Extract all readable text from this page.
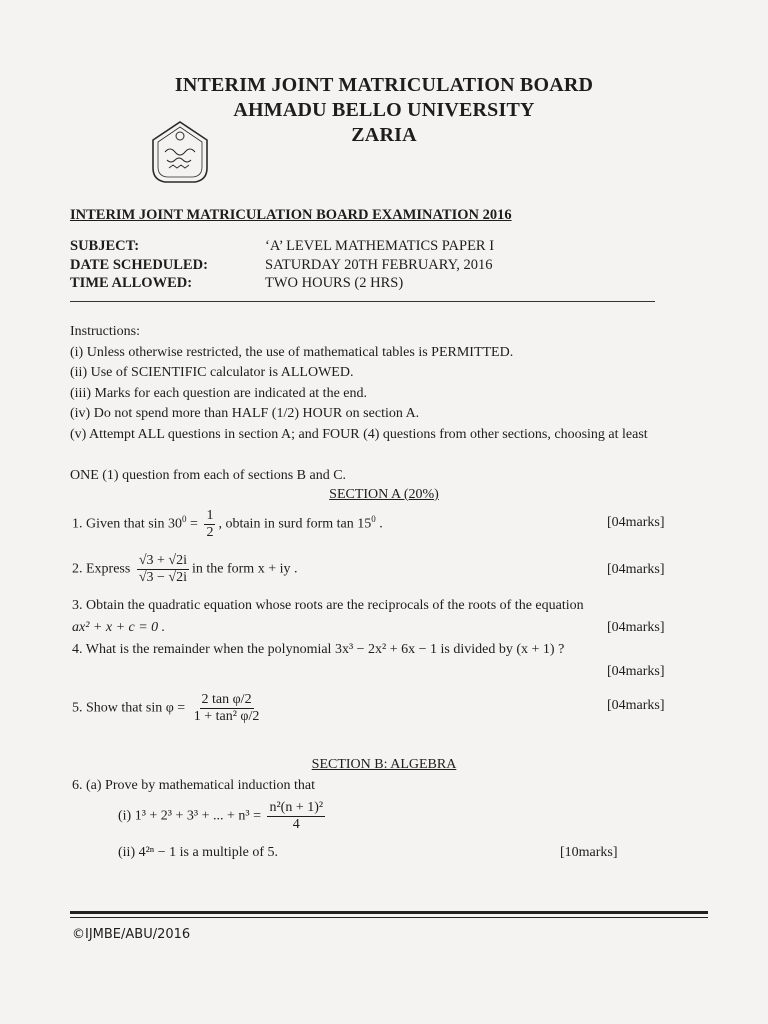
INTERIM JOINT MATRICULATION BOARD
AHMADU BELLO UNIVERSITY
ZARIA
INTERIM JOINT MATRICULATION BOARD EXAMINATION 2016
SUBJECT:	‘A’ LEVEL MATHEMATICS PAPER I
DATE SCHEDULED:	SATURDAY 20TH FEBRUARY, 2016
TIME ALLOWED:	TWO HOURS (2 HRS)
Instructions:
(i) Unless otherwise restricted, the use of mathematical tables is PERMITTED.
(ii) Use of SCIENTIFIC calculator is ALLOWED.
(iii) Marks for each question are indicated at the end.
(iv) Do not spend more than HALF (1/2) HOUR on section A.
(v) Attempt ALL questions in section A; and FOUR (4) questions from other sections, choosing at least
ONE (1) question from each of sections B and C.
SECTION A (20%)
1. Given that $\sin 30^0 = \frac{1}{2}$ , obtain in surd form $\tan 15^0$ .	[04marks]
2. Express $\frac{√3 + √2i}{√3 - √2i}$ in the form x + iy .	[04marks]
3. Obtain the quadratic equation whose roots are the reciprocals of the roots of the equation
ax² + x + c = 0 .	[04marks]
4. What is the remainder when the polynomial 3x³ − 2x² + 6x − 1 is divided by (x + 1) ?
[04marks]
5. Show that $\sin \varphi = \frac{\text{2 tan φ/2}}{\text{1 + tan² φ/2}}$	[04marks]
SECTION B: ALGEBRA
6. (a) Prove by mathematical induction that
(i) 1³ + 2³ + 3³ + ... + $n^3 = \frac{\text{n²(n + 1)²}}{4}$
(ii) 4²ⁿ − 1 is a multiple of 5.	[10marks]
©IJMBE/ABU/2016
